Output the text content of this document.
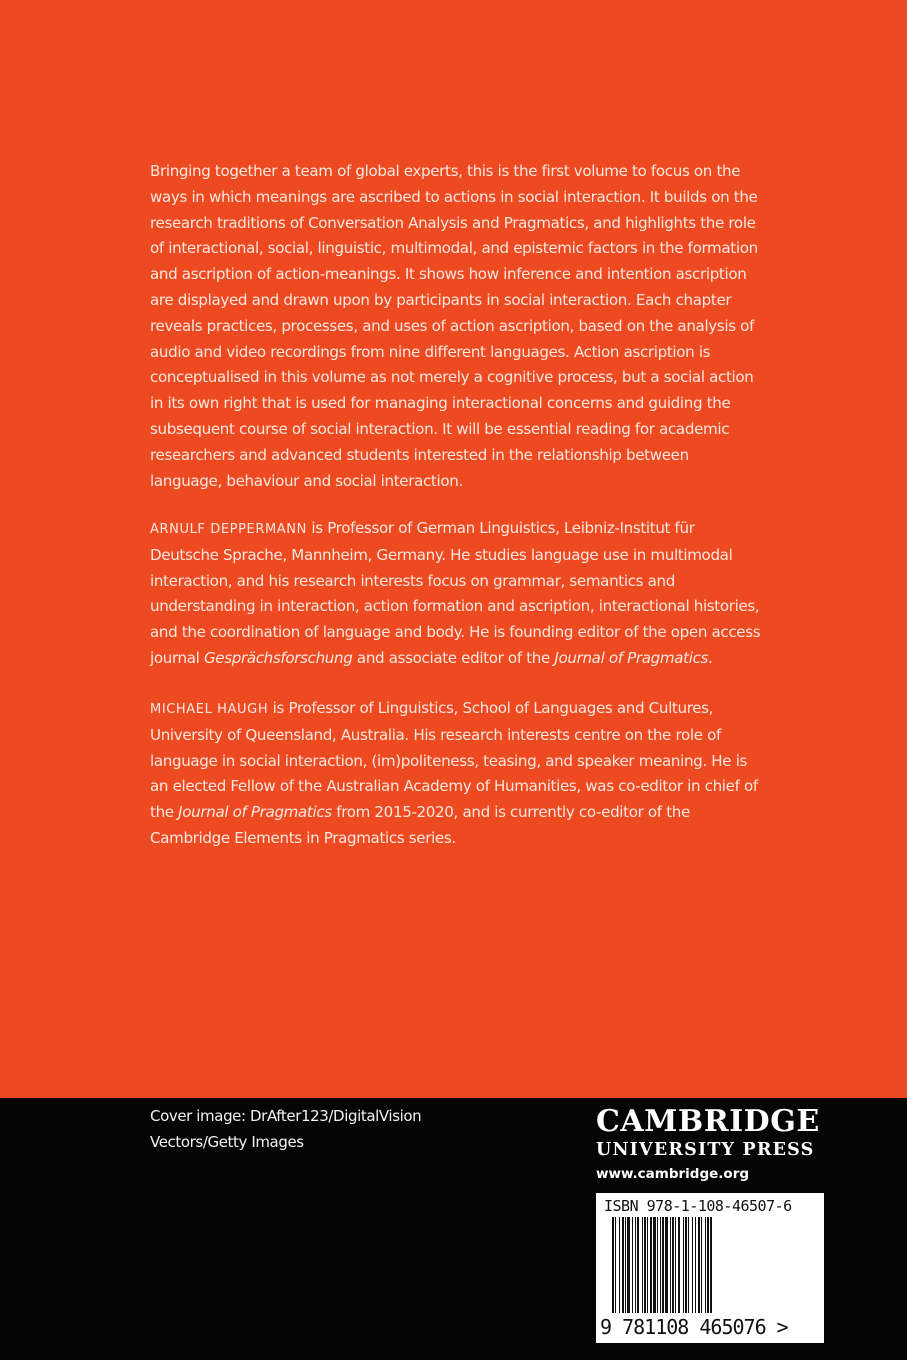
Bringing together a team of global experts, this is the first volume to focus on the ways in which meanings are ascribed to actions in social interaction. It builds on the research traditions of Conversation Analysis and Pragmatics, and highlights the role of interactional, social, linguistic, multimodal, and epistemic factors in the formation and ascription of action-meanings. It shows how inference and intention ascription are displayed and drawn upon by participants in social interaction. Each chapter reveals practices, processes, and uses of action ascription, based on the analysis of audio and video recordings from nine different languages. Action ascription is conceptualised in this volume as not merely a cognitive process, but a social action in its own right that is used for managing interactional concerns and guiding the subsequent course of social interaction. It will be essential reading for academic researchers and advanced students interested in the relationship between language, behaviour and social interaction.

ARNULF DEPPERMANN is Professor of German Linguistics, Leibniz-Institut für Deutsche Sprache, Mannheim, Germany. He studies language use in multimodal interaction, and his research interests focus on grammar, semantics and understanding in interaction, action formation and ascription, interactional histories, and the coordination of language and body. He is founding editor of the open access journal Gesprächsforschung and associate editor of the Journal of Pragmatics.

MICHAEL HAUGH is Professor of Linguistics, School of Languages and Cultures, University of Queensland, Australia. His research interests centre on the role of language in social interaction, (im)politeness, teasing, and speaker meaning. He is an elected Fellow of the Australian Academy of Humanities, was co-editor in chief of the Journal of Pragmatics from 2015-2020, and is currently co-editor of the Cambridge Elements in Pragmatics series.

Cover image: DrAfter123/DigitalVision
Vectors/Getty Images
CAMBRIDGE
UNIVERSITY PRESS
www.cambridge.org
ISBN 978-1-108-46507-6
9 781108 465076 >
